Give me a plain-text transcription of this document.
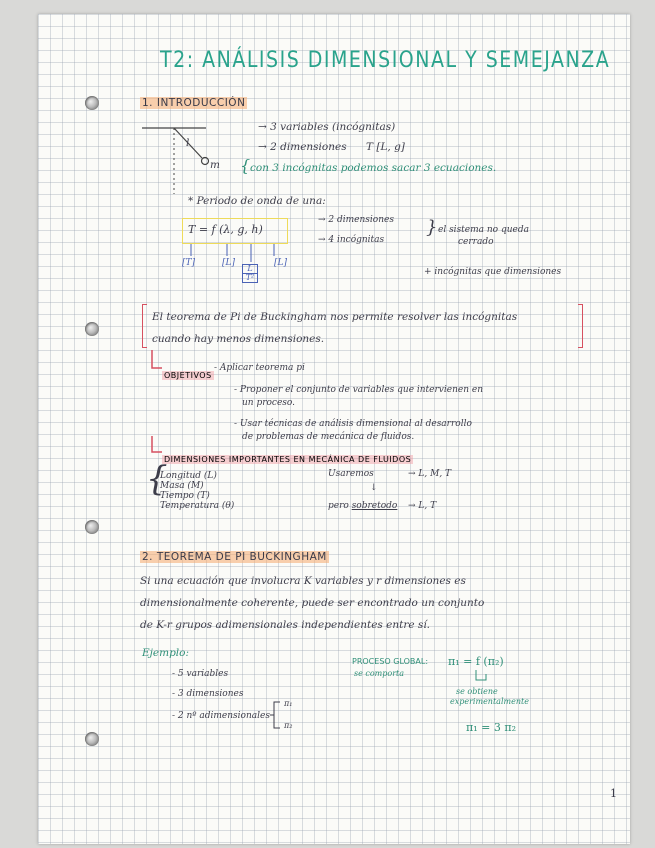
T2: ANÁLISIS DIMENSIONAL Y SEMEJANZA
1. INTRODUCCIÓN
l
m
→ 3 variables (incógnitas)
→ 2 dimensiones T [L, g]
{ con 3 incógnitas podemos sacar 3 ecuaciones.
* Periodo de onda de una:
T = f (λ, g, h)
[T]	[L]
L
T²
[L]
→ 2 dimensiones
→ 4 incógnitas
} el sistema no queda
cerrado
+ incógnitas que dimensiones
El teorema de Pi de Buckingham nos permite resolver las incógnitas
cuando hay menos dimensiones.
OBJETIVOS
- Aplicar teorema pi
- Proponer el conjunto de variables que intervienen en
un proceso.
- Usar técnicas de análisis dimensional al desarrollo
de problemas de mecánica de fluidos.
DIMENSIONES IMPORTANTES EN MECÁNICA DE FLUIDOS
{
Longitud (L)
Masa (M)
Tiempo (T)
Temperatura (θ)
Usaremos	→ L, M, T
↓
pero sobretodo → L, T
2. TEOREMA DE PI BUCKINGHAM
Si una ecuación que involucra K variables y r dimensiones es
dimensionalmente coherente, puede ser encontrado un conjunto
de K-r grupos adimensionales independientes entre sí.
Ejemplo:
- 5 variables
- 3 dimensiones
- 2 nº adimensionales
π₁
π₂
PROCESO GLOBAL:
se comporta
π₁ = f (π₂)
se obtiene
experimentalmente
π₁ = 3 π₂
1
